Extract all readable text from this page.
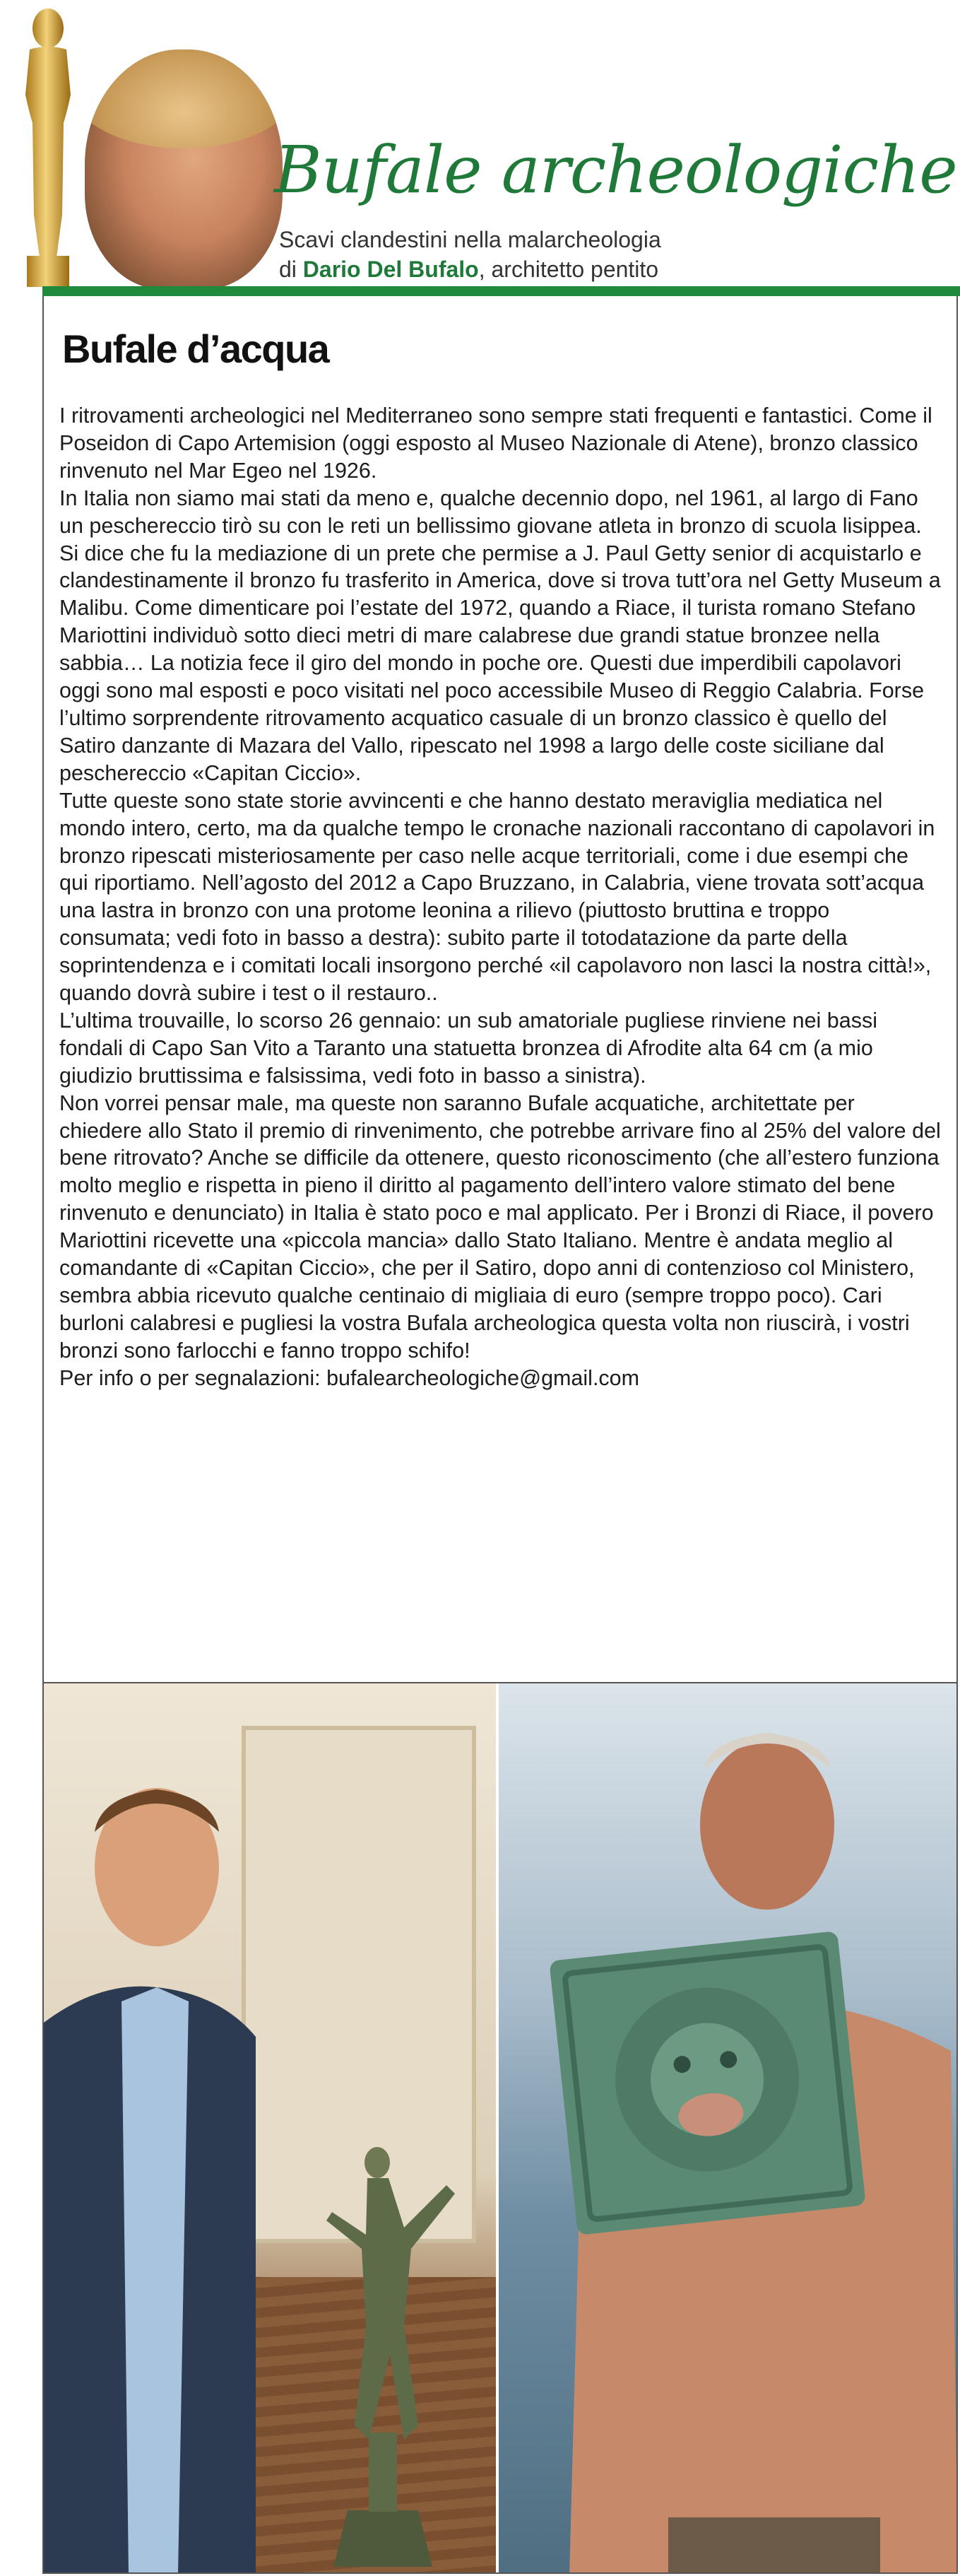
Bufale archeologiche
Scavi clandestini nella malarcheologia
di Dario Del Bufalo, architetto pentito
Bufale d’acqua

I ritrovamenti archeologici nel Mediterraneo sono sempre stati frequenti e fantastici. Come il Poseidon di Capo Artemision (oggi esposto al Museo Nazionale di Atene), bronzo classico rinvenuto nel Mar Egeo nel 1926.

In Italia non siamo mai stati da meno e, qualche decennio dopo, nel 1961, al largo di Fano un peschereccio tirò su con le reti un bellissimo giovane atleta in bronzo di scuola lisippea. Si dice che fu la mediazione di un prete che permise a J. Paul Getty senior di acquistarlo e clandestinamente il bronzo fu trasferito in America, dove si trova tutt’ora nel Getty Museum a Malibu. Come dimenticare poi l’estate del 1972, quando a Riace, il turista romano Stefano Mariottini individuò sotto dieci metri di mare calabrese due grandi statue bronzee nella sabbia… La notizia fece il giro del mondo in poche ore. Questi due imperdibili capolavori oggi sono mal esposti e poco visitati nel poco accessibile Museo di Reggio Calabria. Forse l’ultimo sorprendente ritrovamento acquatico casuale di un bronzo classico è quello del Satiro danzante di Mazara del Vallo, ripescato nel 1998 a largo delle coste siciliane dal peschereccio «Capitan Ciccio».

Tutte queste sono state storie avvincenti e che hanno destato meraviglia mediatica nel mondo intero, certo, ma da qualche tempo le cronache nazionali raccontano di capolavori in bronzo ripescati misteriosamente per caso nelle acque territoriali, come i due esempi che qui riportiamo. Nell’agosto del 2012 a Capo Bruzzano, in Calabria, viene trovata sott’acqua una lastra in bronzo con una protome leonina a rilievo (piuttosto bruttina e troppo consumata; vedi foto in basso a destra): subito parte il totodatazione da parte della soprintendenza e i comitati locali insorgono perché «il capolavoro non lasci la nostra città!», quando dovrà subire i test o il restauro..

L’ultima trouvaille, lo scorso 26 gennaio: un sub amatoriale pugliese rinviene nei bassi fondali di Capo San Vito a Taranto una statuetta bronzea di Afrodite alta 64 cm (a mio giudizio bruttissima e falsissima, vedi foto in basso a sinistra).

Non vorrei pensar male, ma queste non saranno Bufale acquatiche, architettate per chiedere allo Stato il premio di rinvenimento, che potrebbe arrivare fino al 25% del valore del bene ritrovato? Anche se difficile da ottenere, questo riconoscimento (che all’estero funziona molto meglio e rispetta in pieno il diritto al pagamento dell’intero valore stimato del bene rinvenuto e denunciato) in Italia è stato poco e mal applicato. Per i Bronzi di Riace, il povero Mariottini ricevette una «piccola mancia» dallo Stato Italiano. Mentre è andata meglio al comandante di «Capitan Ciccio», che per il Satiro, dopo anni di contenzioso col Ministero, sembra abbia ricevuto qualche centinaio di migliaia di euro (sempre troppo poco). Cari burloni calabresi e pugliesi la vostra Bufala archeologica questa volta non riuscirà, i vostri bronzi sono farlocchi e fanno troppo schifo!

Per info o per segnalazioni: bufalearcheologiche@gmail.com
